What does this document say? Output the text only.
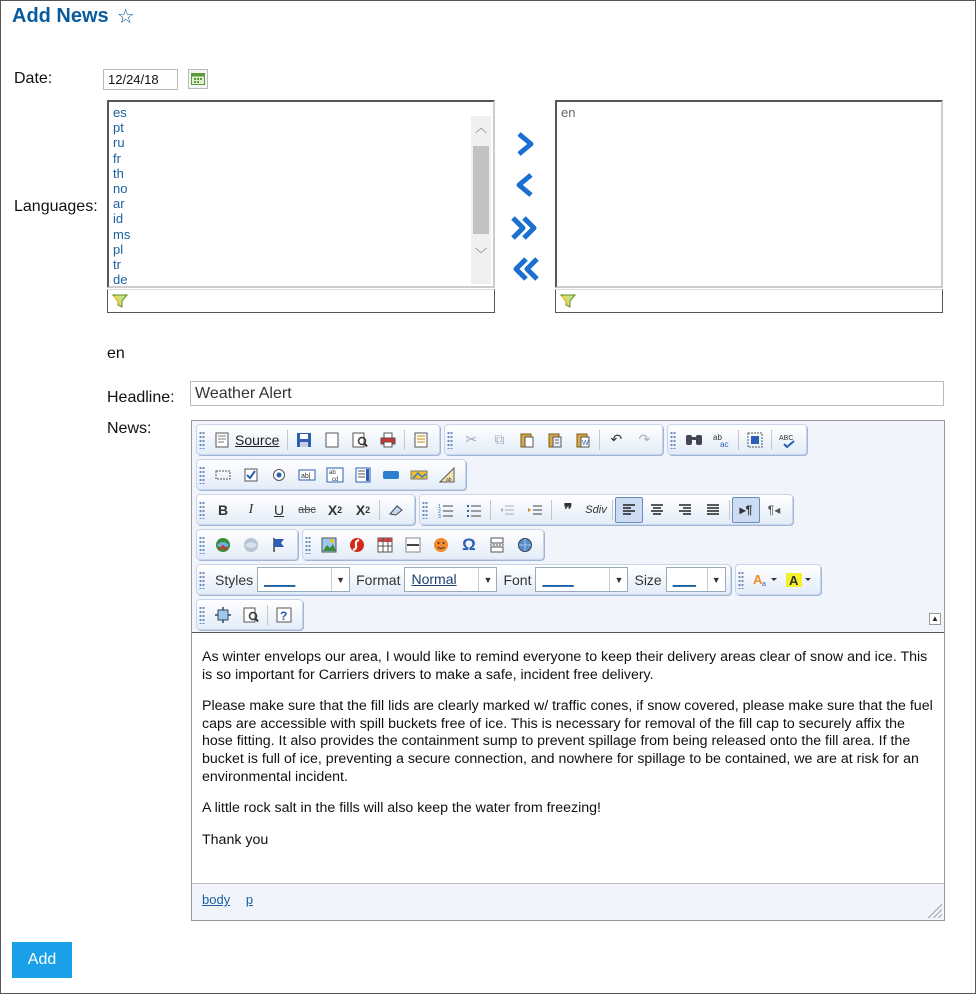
Add News ☆
Date:
12/24/18
Languages:
es
pt
ru
fr
th
no
ar
id
ms
pl
tr
de
︿
﹀
en
en
Headline:
Weather Alert
News:
Source	✂	⧉	W	↶	↷	ab
ac
ABC
ab|	ab
cd	ab
B	I	U	abc X 2 X 2	1
2
3	❞	Sdiv	▸¶	¶◂
Ω
Styles ____	▼ Format Normal	▼ Font ____	▼ Size ___	▼	A a A
?	▲

As winter envelops our area, I would like to remind everyone to keep their delivery areas clear of snow and ice. This is so important for Carriers drivers to make a safe, incident free delivery.

Please make sure that the fill lids are clearly marked w/ traffic cones, if snow covered, please make sure that the fuel caps are accessible with spill buckets free of ice. This is necessary for removal of the fill cap to securely affix the hose fitting. It also provides the containment sump to prevent spillage from being released onto the fill area. If the bucket is full of ice, preventing a secure connection, and nowhere for spillage to be contained, we are at risk for an environmental incident.

A little rock salt in the fills will also keep the water from freezing!

Thank you

body p
Add
